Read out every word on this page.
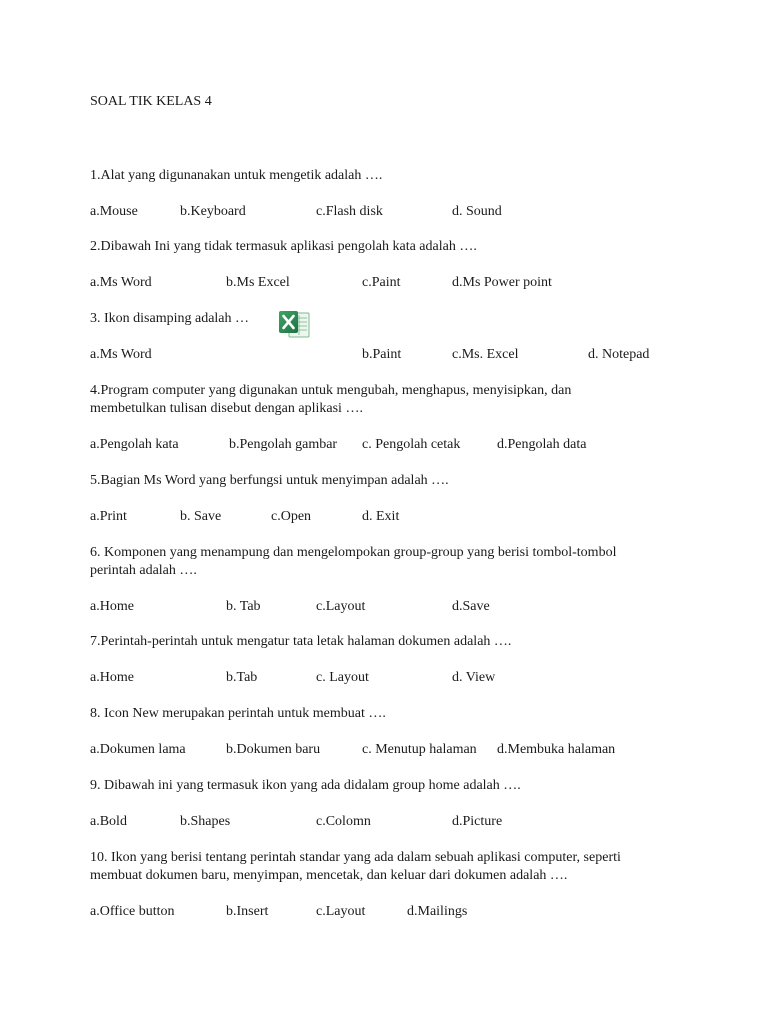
SOAL TIK KELAS 4
1.Alat yang digunanakan untuk mengetik adalah ….
a.Mouse	b.Keyboard	c.Flash disk	d. Sound
2.Dibawah Ini yang tidak termasuk aplikasi pengolah kata adalah ….
a.Ms Word	b.Ms Excel	c.Paint	d.Ms Power point
3. Ikon disamping adalah …
a.Ms Word	b.Paint	c.Ms. Excel	d. Notepad
4.Program computer yang digunakan untuk mengubah, menghapus, menyisipkan, dan
membetulkan tulisan disebut dengan aplikasi ….
a.Pengolah kata	b.Pengolah gambar c. Pengolah cetak	d.Pengolah data
5.Bagian Ms Word yang berfungsi untuk menyimpan adalah ….
a.Print	b. Save	c.Open	d. Exit
6. Komponen yang menampung dan mengelompokan group-group yang berisi tombol-tombol
perintah adalah ….
a.Home	b. Tab	c.Layout	d.Save
7.Perintah-perintah untuk mengatur tata letak halaman dokumen adalah ….
a.Home	b.Tab	c. Layout	d. View
8. Icon New merupakan perintah untuk membuat ….
a.Dokumen lama	b.Dokumen baru	c. Menutup halaman d.Membuka halaman
9. Dibawah ini yang termasuk ikon yang ada didalam group home adalah ….
a.Bold	b.Shapes	c.Colomn	d.Picture
10. Ikon yang berisi tentang perintah standar yang ada dalam sebuah aplikasi computer, seperti
membuat dokumen baru, menyimpan, mencetak, dan keluar dari dokumen adalah ….
a.Office button	b.Insert	c.Layout	d.Mailings
